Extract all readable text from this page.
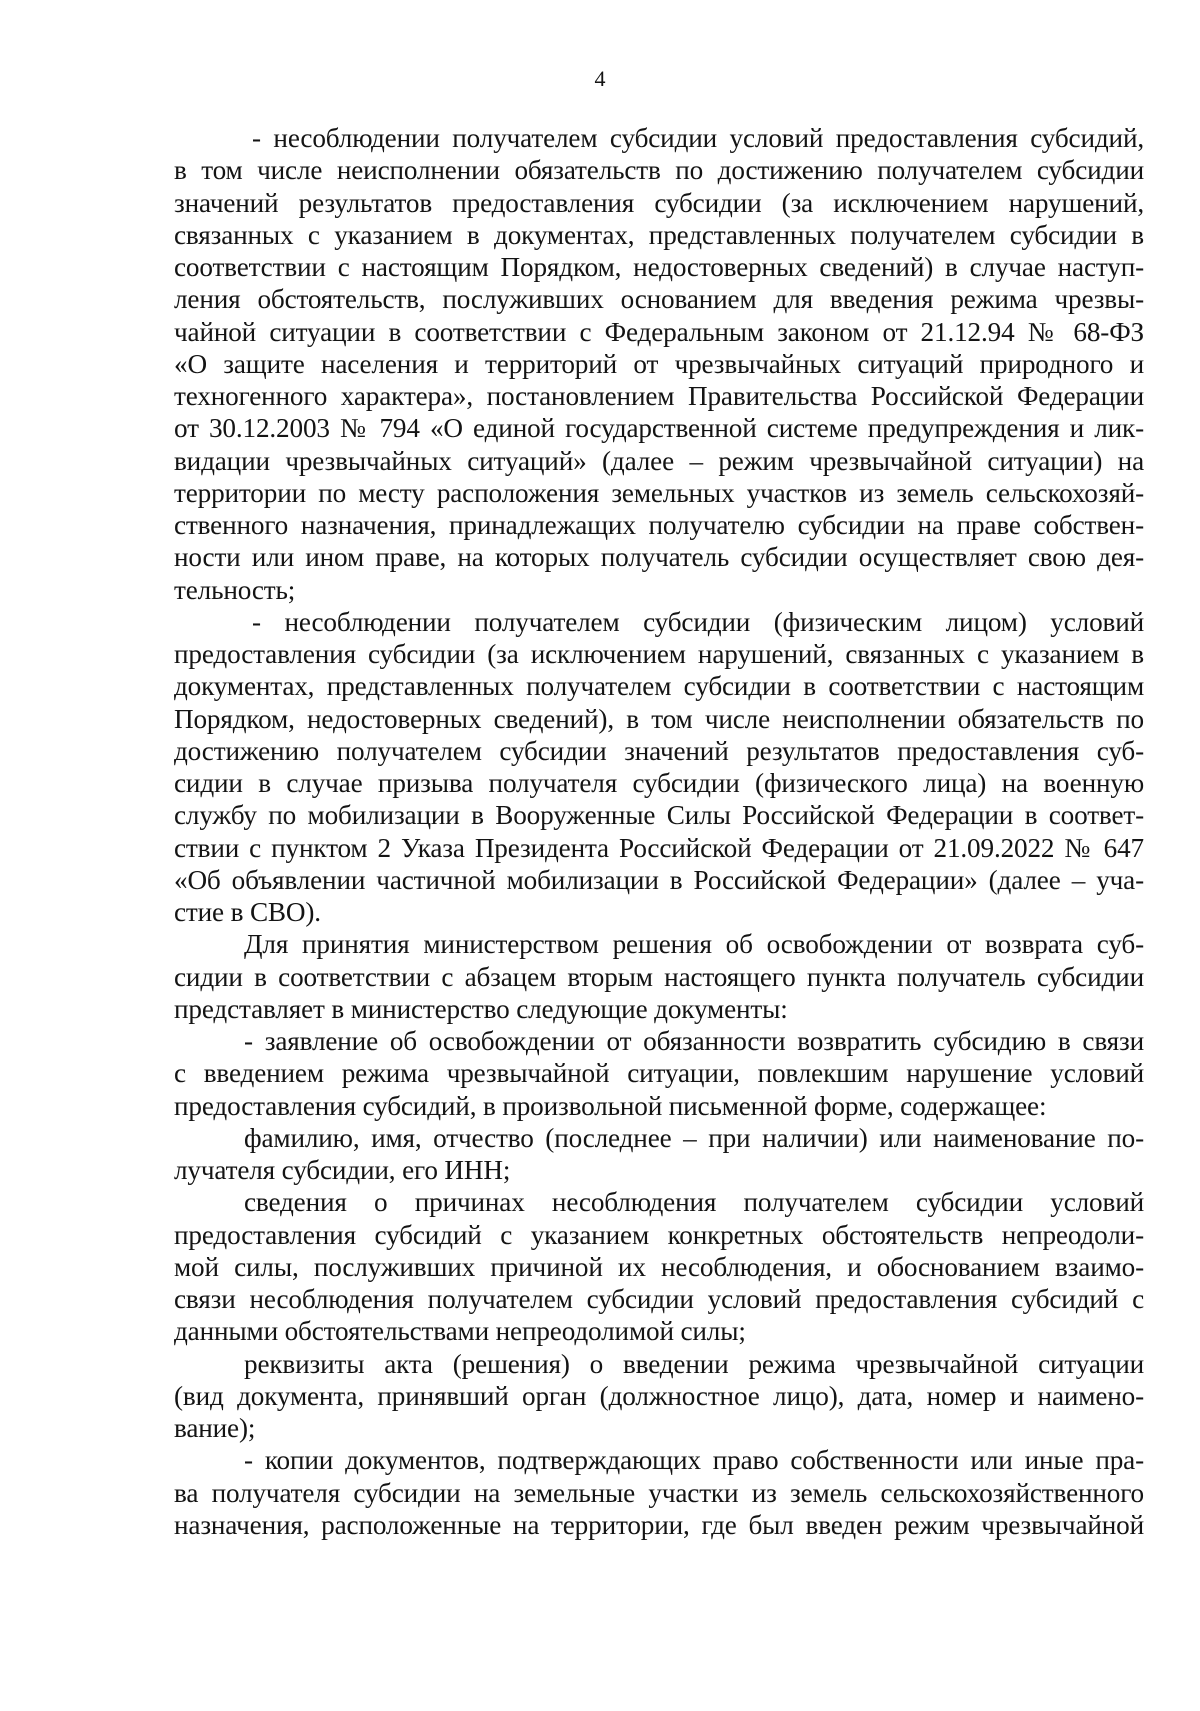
4
- несоблюдении получателем субсидии условий предоставления субсидий,
в том числе неисполнении обязательств по достижению получателем субсидии
значений результатов предоставления субсидии (за исключением нарушений,
связанных с указанием в документах, представленных получателем субсидии в
соответствии с настоящим Порядком, недостоверных сведений) в случае наступ-
ления обстоятельств, послуживших основанием для введения режима чрезвы-
чайной ситуации в соответствии с Федеральным законом от 21.12.94 № 68-ФЗ
«О защите населения и территорий от чрезвычайных ситуаций природного и
техногенного характера», постановлением Правительства Российской Федерации
от 30.12.2003 № 794 «О единой государственной системе предупреждения и лик-
видации чрезвычайных ситуаций» (далее – режим чрезвычайной ситуации) на
территории по месту расположения земельных участков из земель сельскохозяй-
ственного назначения, принадлежащих получателю субсидии на праве собствен-
ности или ином праве, на которых получатель субсидии осуществляет свою дея-
тельность;
- несоблюдении получателем субсидии (физическим лицом) условий
предоставления субсидии (за исключением нарушений, связанных с указанием в
документах, представленных получателем субсидии в соответствии с настоящим
Порядком, недостоверных сведений), в том числе неисполнении обязательств по
достижению получателем субсидии значений результатов предоставления суб-
сидии в случае призыва получателя субсидии (физического лица) на военную
службу по мобилизации в Вооруженные Силы Российской Федерации в соответ-
ствии с пунктом 2 Указа Президента Российской Федерации от 21.09.2022 № 647
«Об объявлении частичной мобилизации в Российской Федерации» (далее – уча-
стие в СВО).
Для принятия министерством решения об освобождении от возврата суб-
сидии в соответствии с абзацем вторым настоящего пункта получатель субсидии
представляет в министерство следующие документы:
- заявление об освобождении от обязанности возвратить субсидию в связи
с введением режима чрезвычайной ситуации, повлекшим нарушение условий
предоставления субсидий, в произвольной письменной форме, содержащее:
фамилию, имя, отчество (последнее – при наличии) или наименование по-
лучателя субсидии, его ИНН;
сведения о причинах несоблюдения получателем субсидии условий
предоставления субсидий с указанием конкретных обстоятельств непреодоли-
мой силы, послуживших причиной их несоблюдения, и обоснованием взаимо-
связи несоблюдения получателем субсидии условий предоставления субсидий с
данными обстоятельствами непреодолимой силы;
реквизиты акта (решения) о введении режима чрезвычайной ситуации
(вид документа, принявший орган (должностное лицо), дата, номер и наимено-
вание);
- копии документов, подтверждающих право собственности или иные пра-
ва получателя субсидии на земельные участки из земель сельскохозяйственного
назначения, расположенные на территории, где был введен режим чрезвычайной
